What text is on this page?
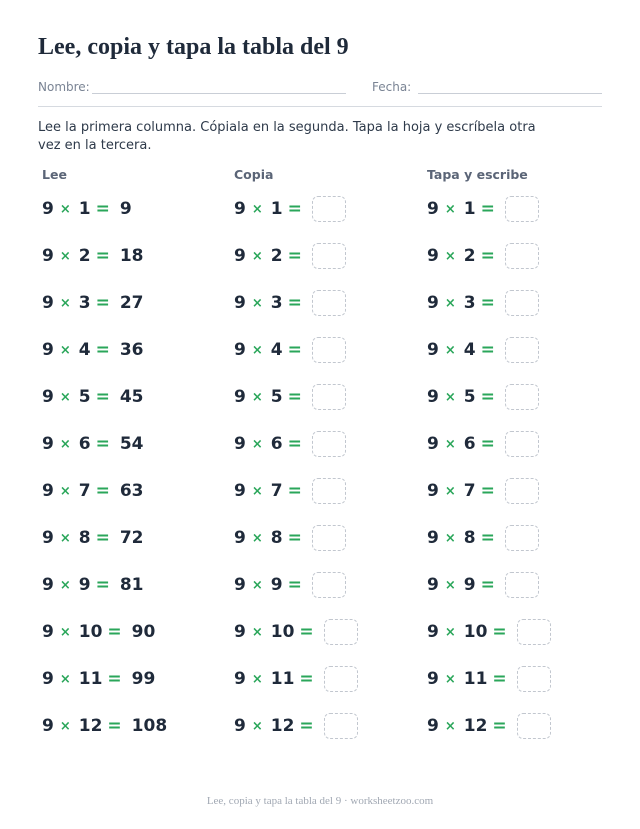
Lee, copia y tapa la tabla del 9
Nombre:	Fecha:
Lee la primera columna. Cópiala en la segunda. Tapa la hoja y escríbela otra vez en la tercera.
Lee	Copia	Tapa y escribe
9 × 1 = 9	9 × 1 =	9 × 1 =
9 × 2 = 18	9 × 2 =	9 × 2 =
9 × 3 = 27	9 × 3 =	9 × 3 =
9 × 4 = 36	9 × 4 =	9 × 4 =
9 × 5 = 45	9 × 5 =	9 × 5 =
9 × 6 = 54	9 × 6 =	9 × 6 =
9 × 7 = 63	9 × 7 =	9 × 7 =
9 × 8 = 72	9 × 8 =	9 × 8 =
9 × 9 = 81	9 × 9 =	9 × 9 =
9 × 10 = 90	9 × 10 =	9 × 10 =
9 × 11 = 99	9 × 11 =	9 × 11 =
9 × 12 = 108	9 × 12 =	9 × 12 =
Lee, copia y tapa la tabla del 9 · worksheetzoo.com
